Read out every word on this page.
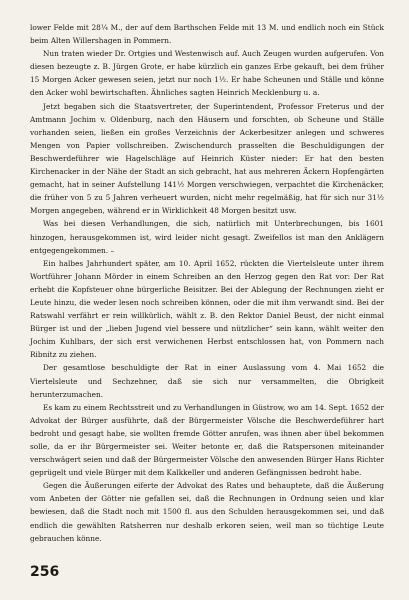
lower Felde mit 28¼ M., der auf dem Barthschen Felde mit 13 M. und endlich noch ein Stück beim Alten Willershagen in Pommern.

Nun traten wieder Dr. Ortgies und Westenwisch auf. Auch Zeugen wurden aufgerufen. Von diesen bezeugte z. B. Jürgen Grote, er habe kürzlich ein ganzes Erbe gekauft, bei dem früher 15 Morgen Acker gewesen seien, jetzt nur noch 1½. Er habe Scheunen und Ställe und könne den Acker wohl bewirtschaften. Ähnliches sagten Heinrich Mecklenburg u. a.

Jetzt begaben sich die Staatsvertreter, der Superintendent, Professor Freterus und der Amtmann Jochim v. Oldenburg, nach den Häusern und forschten, ob Scheune und Ställe vorhanden seien, ließen ein großes Verzeichnis der Ackerbesitzer anlegen und schweres Mengen von Papier vollschreiben. Zwischendurch prasselten die Beschuldigungen der Beschwerdeführer wie Hagelschläge auf Heinrich Küster nieder: Er hat den besten Kirchenacker in der Nähe der Stadt an sich gebracht, hat aus mehreren Äckern Hopfengärten gemacht, hat in seiner Aufstellung 141½ Morgen verschwiegen, verpachtet die Kirchenäcker, die früher von 5 zu 5 Jahren verheuert wurden, nicht mehr regelmäßig, hat für sich nur 31½ Morgen angegeben, während er in Wirklichkeit 48 Morgen besitzt usw.

Was bei diesen Verhandlungen, die sich, natürlich mit Unterbrechungen, bis 1601 hinzogen, herausgekommen ist, wird leider nicht gesagt. Zweifellos ist man den Anklägern entgegengekommen. –

Ein halbes Jahrhundert später, am 10. April 1652, rückten die Viertelsleute unter ihrem Wortführer Johann Mörder in einem Schreiben an den Herzog gegen den Rat vor: Der Rat erhebt die Kopfsteuer ohne bürgerliche Beisitzer. Bei der Ablegung der Rechnungen zieht er Leute hinzu, die weder lesen noch schreiben können, oder die mit ihm verwandt sind. Bei der Ratswahl verfährt er rein willkürlich, wählt z. B. den Rektor Daniel Beust, der nicht einmal Bürger ist und der „lieben Jugend viel bessere und nützlicher“ sein kann, wählt weiter den Jochim Kuhlbars, der sich erst verwichenen Herbst entschlossen hat, von Pommern nach Ribnitz zu ziehen.

Der gesamtlose beschuldigte der Rat in einer Auslassung vom 4. Mai 1652 die Viertelsleute und Sechzehner, daß sie sich nur versammelten, die Obrigkeit herunterzumachen.

Es kam zu einem Rechtsstreit und zu Verhandlungen in Güstrow, wo am 14. Sept. 1652 der Advokat der Bürger ausführte, daß der Bürgermeister Völsche die Beschwerdeführer hart bedroht und gesagt habe, sie wollten fremde Götter anrufen, was ihnen aber übel bekommen solle, da er ihr Bürgermeister sei. Weiter betonte er, daß die Ratspersonen miteinander verschwägert seien und daß der Bürgermeister Völsche den anwesenden Bürger Hans Richter geprügelt und viele Bürger mit dem Kalkkeller und anderen Gefängnissen bedroht habe.

Gegen die Äußerungen eiferte der Advokat des Rates und behauptete, daß die Äußerung vom Anbeten der Götter nie gefallen sei, daß die Rechnungen in Ordnung seien und klar bewiesen, daß die Stadt noch mit 1500 fl. aus den Schulden herausgekommen sei, und daß endlich die gewählten Ratsherren nur deshalb erkoren seien, weil man so tüchtige Leute gebrauchen könne.

256
